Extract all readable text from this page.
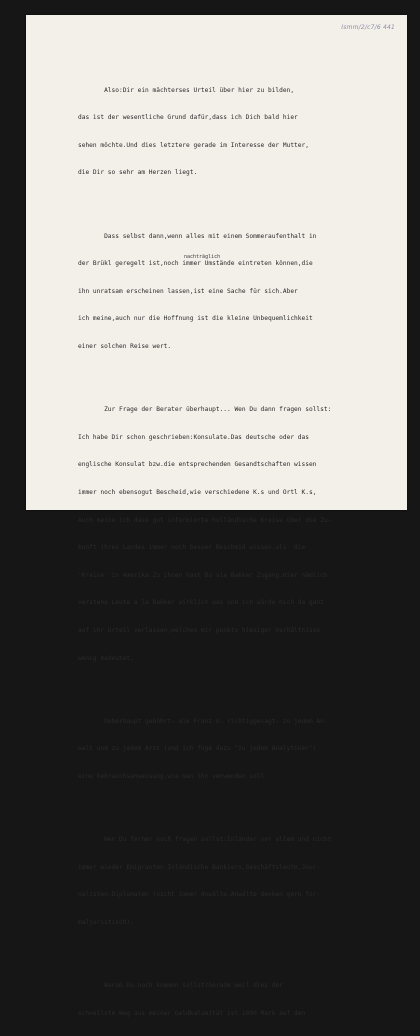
Ismm/2/c7/6 441

Also:Dir ein mächterses Urteil über hier zu bilden,

das ist der wesentliche Grund dafür,dass ich Dich bald hier

sehen möchte.Und dies letztere gerade im Interesse der Mutter,

die Dir so sehr am Herzen liegt.

Dass selbst dann,wenn alles mit einem Sommeraufenthalt in

nachträglich
der Brükl geregelt ist,noch immer Umstände eintreten können,die

ihn unratsam erscheinen lassen,ist eine Sache für sich.Aber

ich meine,auch nur die Hoffnung ist die kleine Unbequemlichkeit

einer solchen Reise wert.

Zur Frage der Berater überhaupt... Wen Du dann fragen sollst:

Ich habe Dir schon geschrieben:Konsulate.Das deutsche oder das

englische Konsulat bzw.die entsprechenden Gesandtschaften wissen

immer noch ebensogut Bescheid,wie verschiedene K.s und Ortl K.s,

Auch meine ich dass gut informierte holländische Kreise über die Zu-

kunft ihres Landes immer noch besser Bescheid wissen,als  die

'Kreise' in Amerika.Zu ihnen hast Du via Bakker Zugang.Hier nämlich

verstehe Leute a la Bakker wirklich was und ich würde mich da ganz

auf ihr Urteil verlassen,welches mir punkto hiesiger Verhältnisse

wenig bedeutet.

Ueberhaupt gebührt- wie Franz U. richtiggesagt- zu jedem An-

walt und zu jedem Arzt (und ich füge dazu "zu jedem Analytiker")

eine Gebrauchsanweisung,wie man ihn verwenden soll.

Wen Du ferner noch fragen sollst:Inländer vor allem und nicht

immer wieder Emigranten.Inländische Bankiers,Geschäftsleute,Jour-

nalisten,Diplomaten (nicht immer Anwälte.Anwälte denken gern for-

maljuristisch).

Warum Du noch kommen sollst?Gerade weil dies der

schnellste Weg aus meiner Geldkalamität ist.1000 Mark auf den
